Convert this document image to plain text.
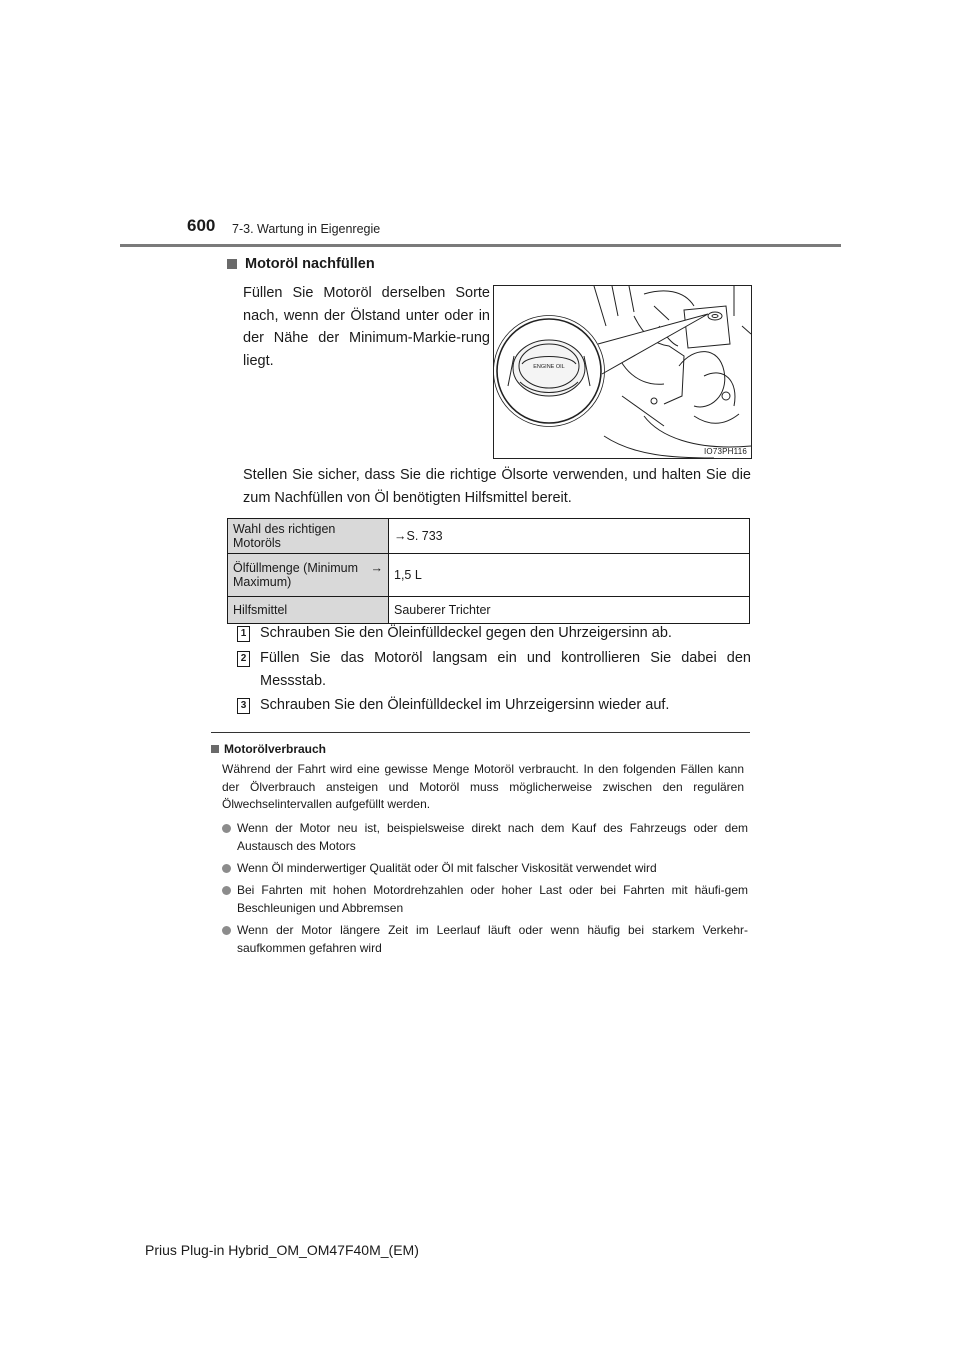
600 7-3. Wartung in Eigenregie
Motoröl nachfüllen
Füllen Sie Motoröl derselben Sorte nach, wenn der Ölstand unter oder in der Nähe der Minimum-Markie-rung liegt.	ENGINE OIL
IO73PH116
Stellen Sie sicher, dass Sie die richtige Ölsorte verwenden, und halten Sie die zum Nachfüllen von Öl benötigten Hilfsmittel bereit.
Wahl des richtigen Motoröls	→S. 733

Ölfüllmenge (Minimum →
Maximum)	1,5 L
Hilfsmittel	Sauberer Trichter
1 Schrauben Sie den Öleinfülldeckel gegen den Uhrzeigersinn ab.
2 Füllen Sie das Motoröl langsam ein und kontrollieren Sie dabei den Messstab.
3 Schrauben Sie den Öleinfülldeckel im Uhrzeigersinn wieder auf.
Motorölverbrauch
Während der Fahrt wird eine gewisse Menge Motoröl verbraucht. In den folgenden Fällen kann der Ölverbrauch ansteigen und Motoröl muss möglicherweise zwischen den regulären Ölwechselintervallen aufgefüllt werden.
Wenn der Motor neu ist, beispielsweise direkt nach dem Kauf des Fahrzeugs oder dem Austausch des Motors
Wenn Öl minderwertiger Qualität oder Öl mit falscher Viskosität verwendet wird
Bei Fahrten mit hohen Motordrehzahlen oder hoher Last oder bei Fahrten mit häufi-gem Beschleunigen und Abbremsen
Wenn der Motor längere Zeit im Leerlauf läuft oder wenn häufig bei starkem Verkehr-saufkommen gefahren wird
Prius Plug-in Hybrid_OM_OM47F40M_(EM)
